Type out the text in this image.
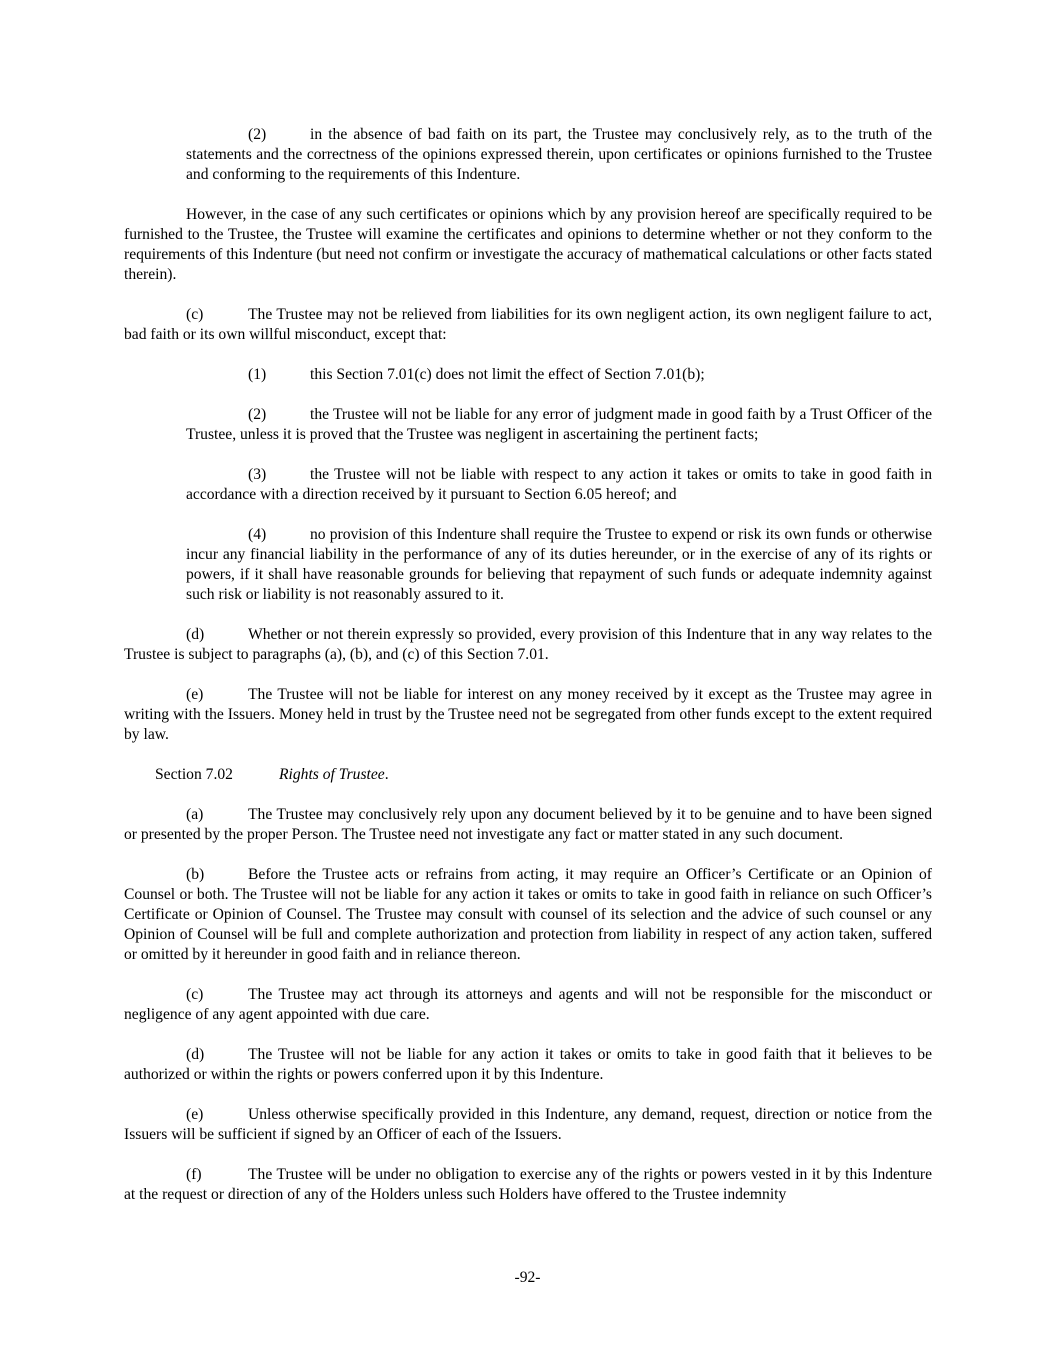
(2)	in the absence of bad faith on its part, the Trustee may conclusively rely, as to the truth of the statements and the correctness of the opinions expressed therein, upon certificates or opinions furnished to the Trustee and conforming to the requirements of this Indenture.

However, in the case of any such certificates or opinions which by any provision hereof are specifically required to be furnished to the Trustee, the Trustee will examine the certificates and opinions to determine whether or not they conform to the requirements of this Indenture (but need not confirm or investigate the accuracy of mathematical calculations or other facts stated therein).

(c)	The Trustee may not be relieved from liabilities for its own negligent action, its own negligent failure to act, bad faith or its own willful misconduct, except that:

(1)	this Section 7.01(c) does not limit the effect of Section 7.01(b);

(2)	the Trustee will not be liable for any error of judgment made in good faith by a Trust Officer of the Trustee, unless it is proved that the Trustee was negligent in ascertaining the pertinent facts;

(3)	the Trustee will not be liable with respect to any action it takes or omits to take in good faith in accordance with a direction received by it pursuant to Section 6.05 hereof; and

(4)	no provision of this Indenture shall require the Trustee to expend or risk its own funds or otherwise incur any financial liability in the performance of any of its duties hereunder, or in the exercise of any of its rights or powers, if it shall have reasonable grounds for believing that repayment of such funds or adequate indemnity against such risk or liability is not reasonably assured to it.

(d)	Whether or not therein expressly so provided, every provision of this Indenture that in any way relates to the Trustee is subject to paragraphs (a), (b), and (c) of this Section 7.01.

(e)	The Trustee will not be liable for interest on any money received by it except as the Trustee may agree in writing with the Issuers. Money held in trust by the Trustee need not be segregated from other funds except to the extent required by law.

Section 7.02	Rights of Trustee.

(a)	The Trustee may conclusively rely upon any document believed by it to be genuine and to have been signed or presented by the proper Person. The Trustee need not investigate any fact or matter stated in any such document.

(b)	Before the Trustee acts or refrains from acting, it may require an Officer’s Certificate or an Opinion of Counsel or both. The Trustee will not be liable for any action it takes or omits to take in good faith in reliance on such Officer’s Certificate or Opinion of Counsel. The Trustee may consult with counsel of its selection and the advice of such counsel or any Opinion of Counsel will be full and complete authorization and protection from liability in respect of any action taken, suffered or omitted by it hereunder in good faith and in reliance thereon.

(c)	The Trustee may act through its attorneys and agents and will not be responsible for the misconduct or negligence of any agent appointed with due care.

(d)	The Trustee will not be liable for any action it takes or omits to take in good faith that it believes to be authorized or within the rights or powers conferred upon it by this Indenture.

(e)	Unless otherwise specifically provided in this Indenture, any demand, request, direction or notice from the Issuers will be sufficient if signed by an Officer of each of the Issuers.

(f)	The Trustee will be under no obligation to exercise any of the rights or powers vested in it by this Indenture at the request or direction of any of the Holders unless such Holders have offered to the Trustee indemnity

-92-
